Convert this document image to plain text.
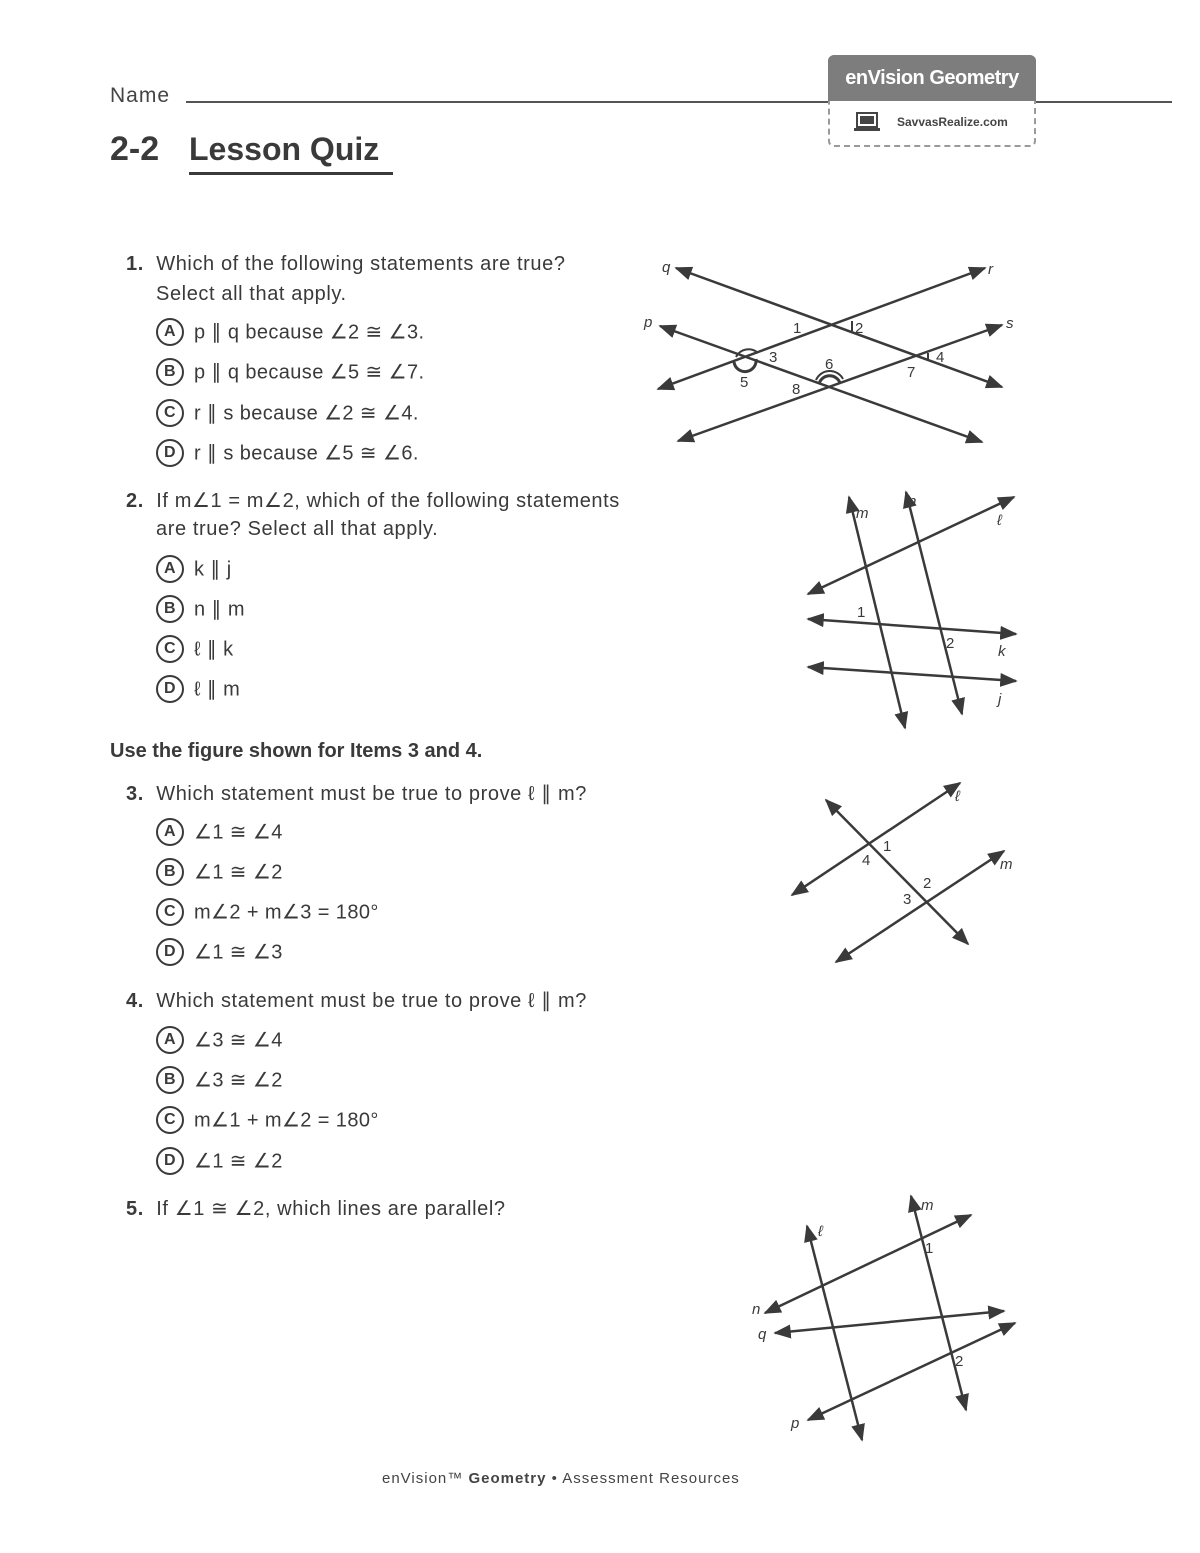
Name
2-2 Lesson Quiz
enVision Geometry
SavvasRealize.com
1. Which of the following statements are true?
Select all that apply.
A p ∥ q because ∠2 ≅ ∠3.
B p ∥ q because ∠5 ≅ ∠7.
C r ∥ s because ∠2 ≅ ∠4.
D r ∥ s because ∠5 ≅ ∠6.
2. If m∠1 = m∠2, which of the following statements
are true? Select all that apply.
A k ∥ j
B n ∥ m
C ℓ ∥ k
D ℓ ∥ m
Use the figure shown for Items 3 and 4.
3. Which statement must be true to prove ℓ ∥ m?
A ∠1 ≅ ∠4
B ∠1 ≅ ∠2
C m∠2 + m∠3 = 180°
D ∠1 ≅ ∠3
4. Which statement must be true to prove ℓ ∥ m?
A ∠3 ≅ ∠4
B ∠3 ≅ ∠2
C m∠1 + m∠2 = 180°
D ∠1 ≅ ∠2
5. If ∠1 ≅ ∠2, which lines are parallel?
q	r
p	s
1	2
3	4
5
6	7
8
m
n
ℓ
k
j
1
2
ℓ
m
1
2
3
4
m
ℓ
n
q
p
1
2
enVision™ Geometry • Assessment Resources
